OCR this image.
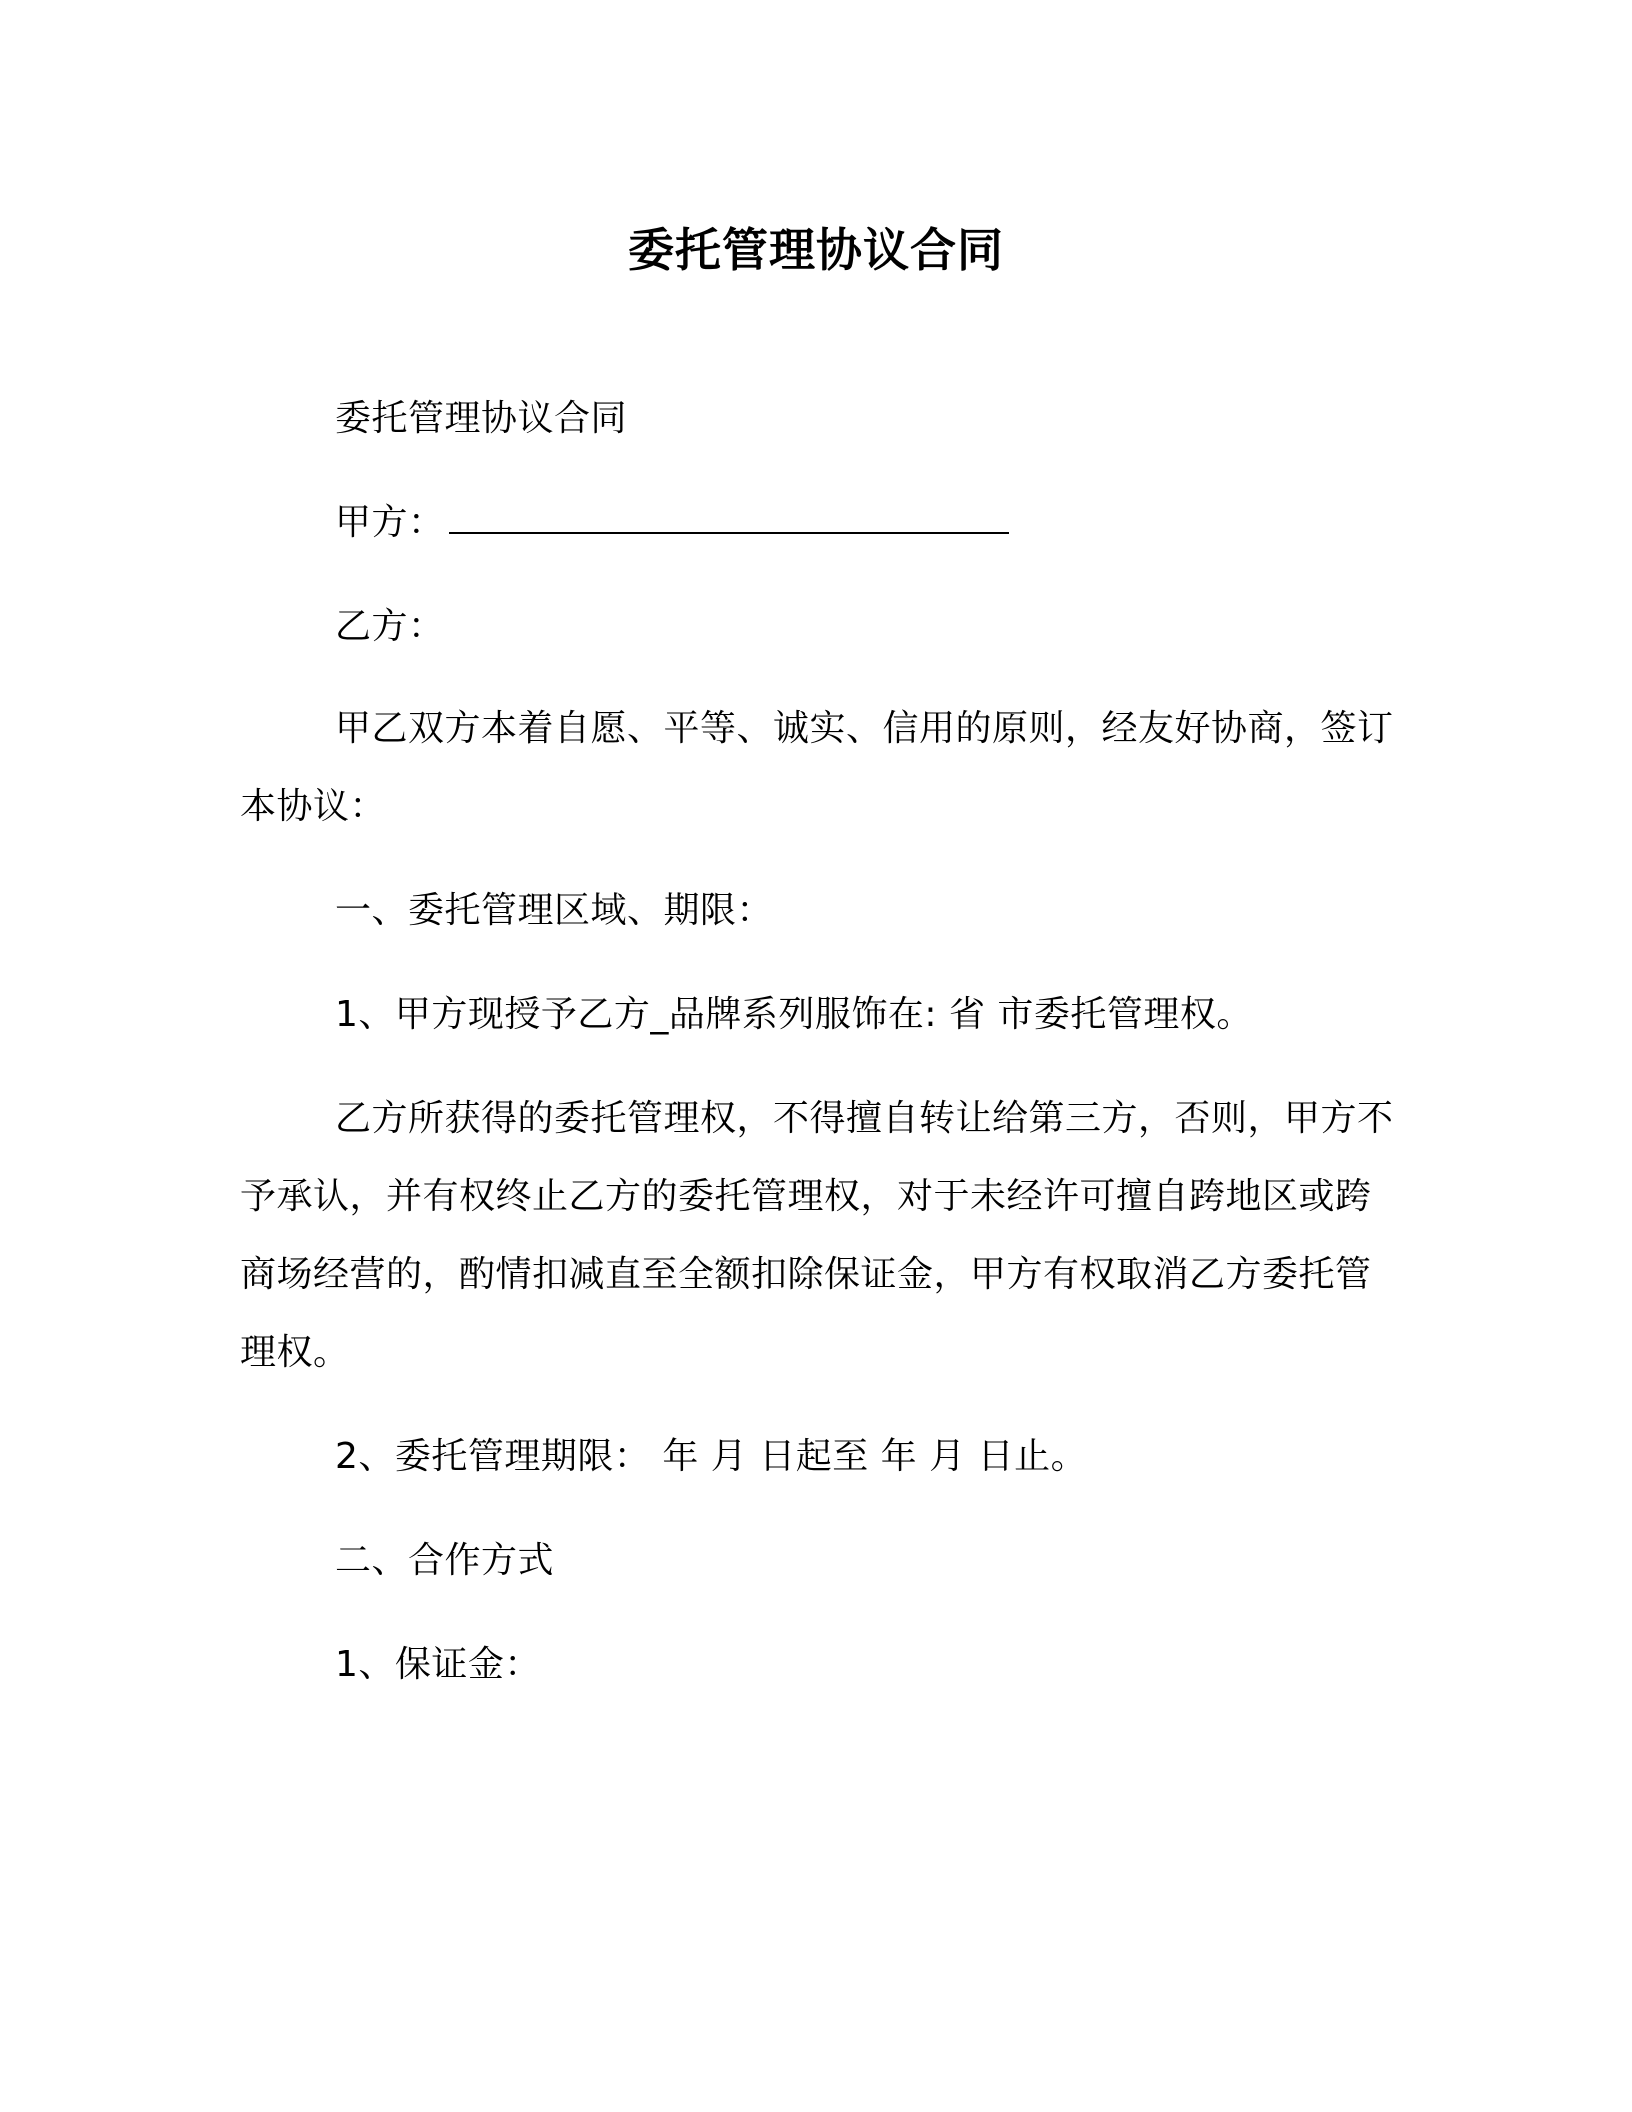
委托管理协议合同

委托管理协议合同

甲方：

乙方：

甲乙双方本着自愿、平等、诚实、信用的原则，经友好协商，签订本协议：

一、委托管理区域、期限：

1、甲方现授予乙方_品牌系列服饰在: 省 市委托管理权。

乙方所获得的委托管理权，不得擅自转让给第三方，否则，甲方不予承认，并有权终止乙方的委托管理权，对于未经许可擅自跨地区或跨商场经营的，酌情扣减直至全额扣除保证金，甲方有权取消乙方委托管理权。

2、委托管理期限： 年 月 日起至 年 月 日止。

二、合作方式

1、保证金：
